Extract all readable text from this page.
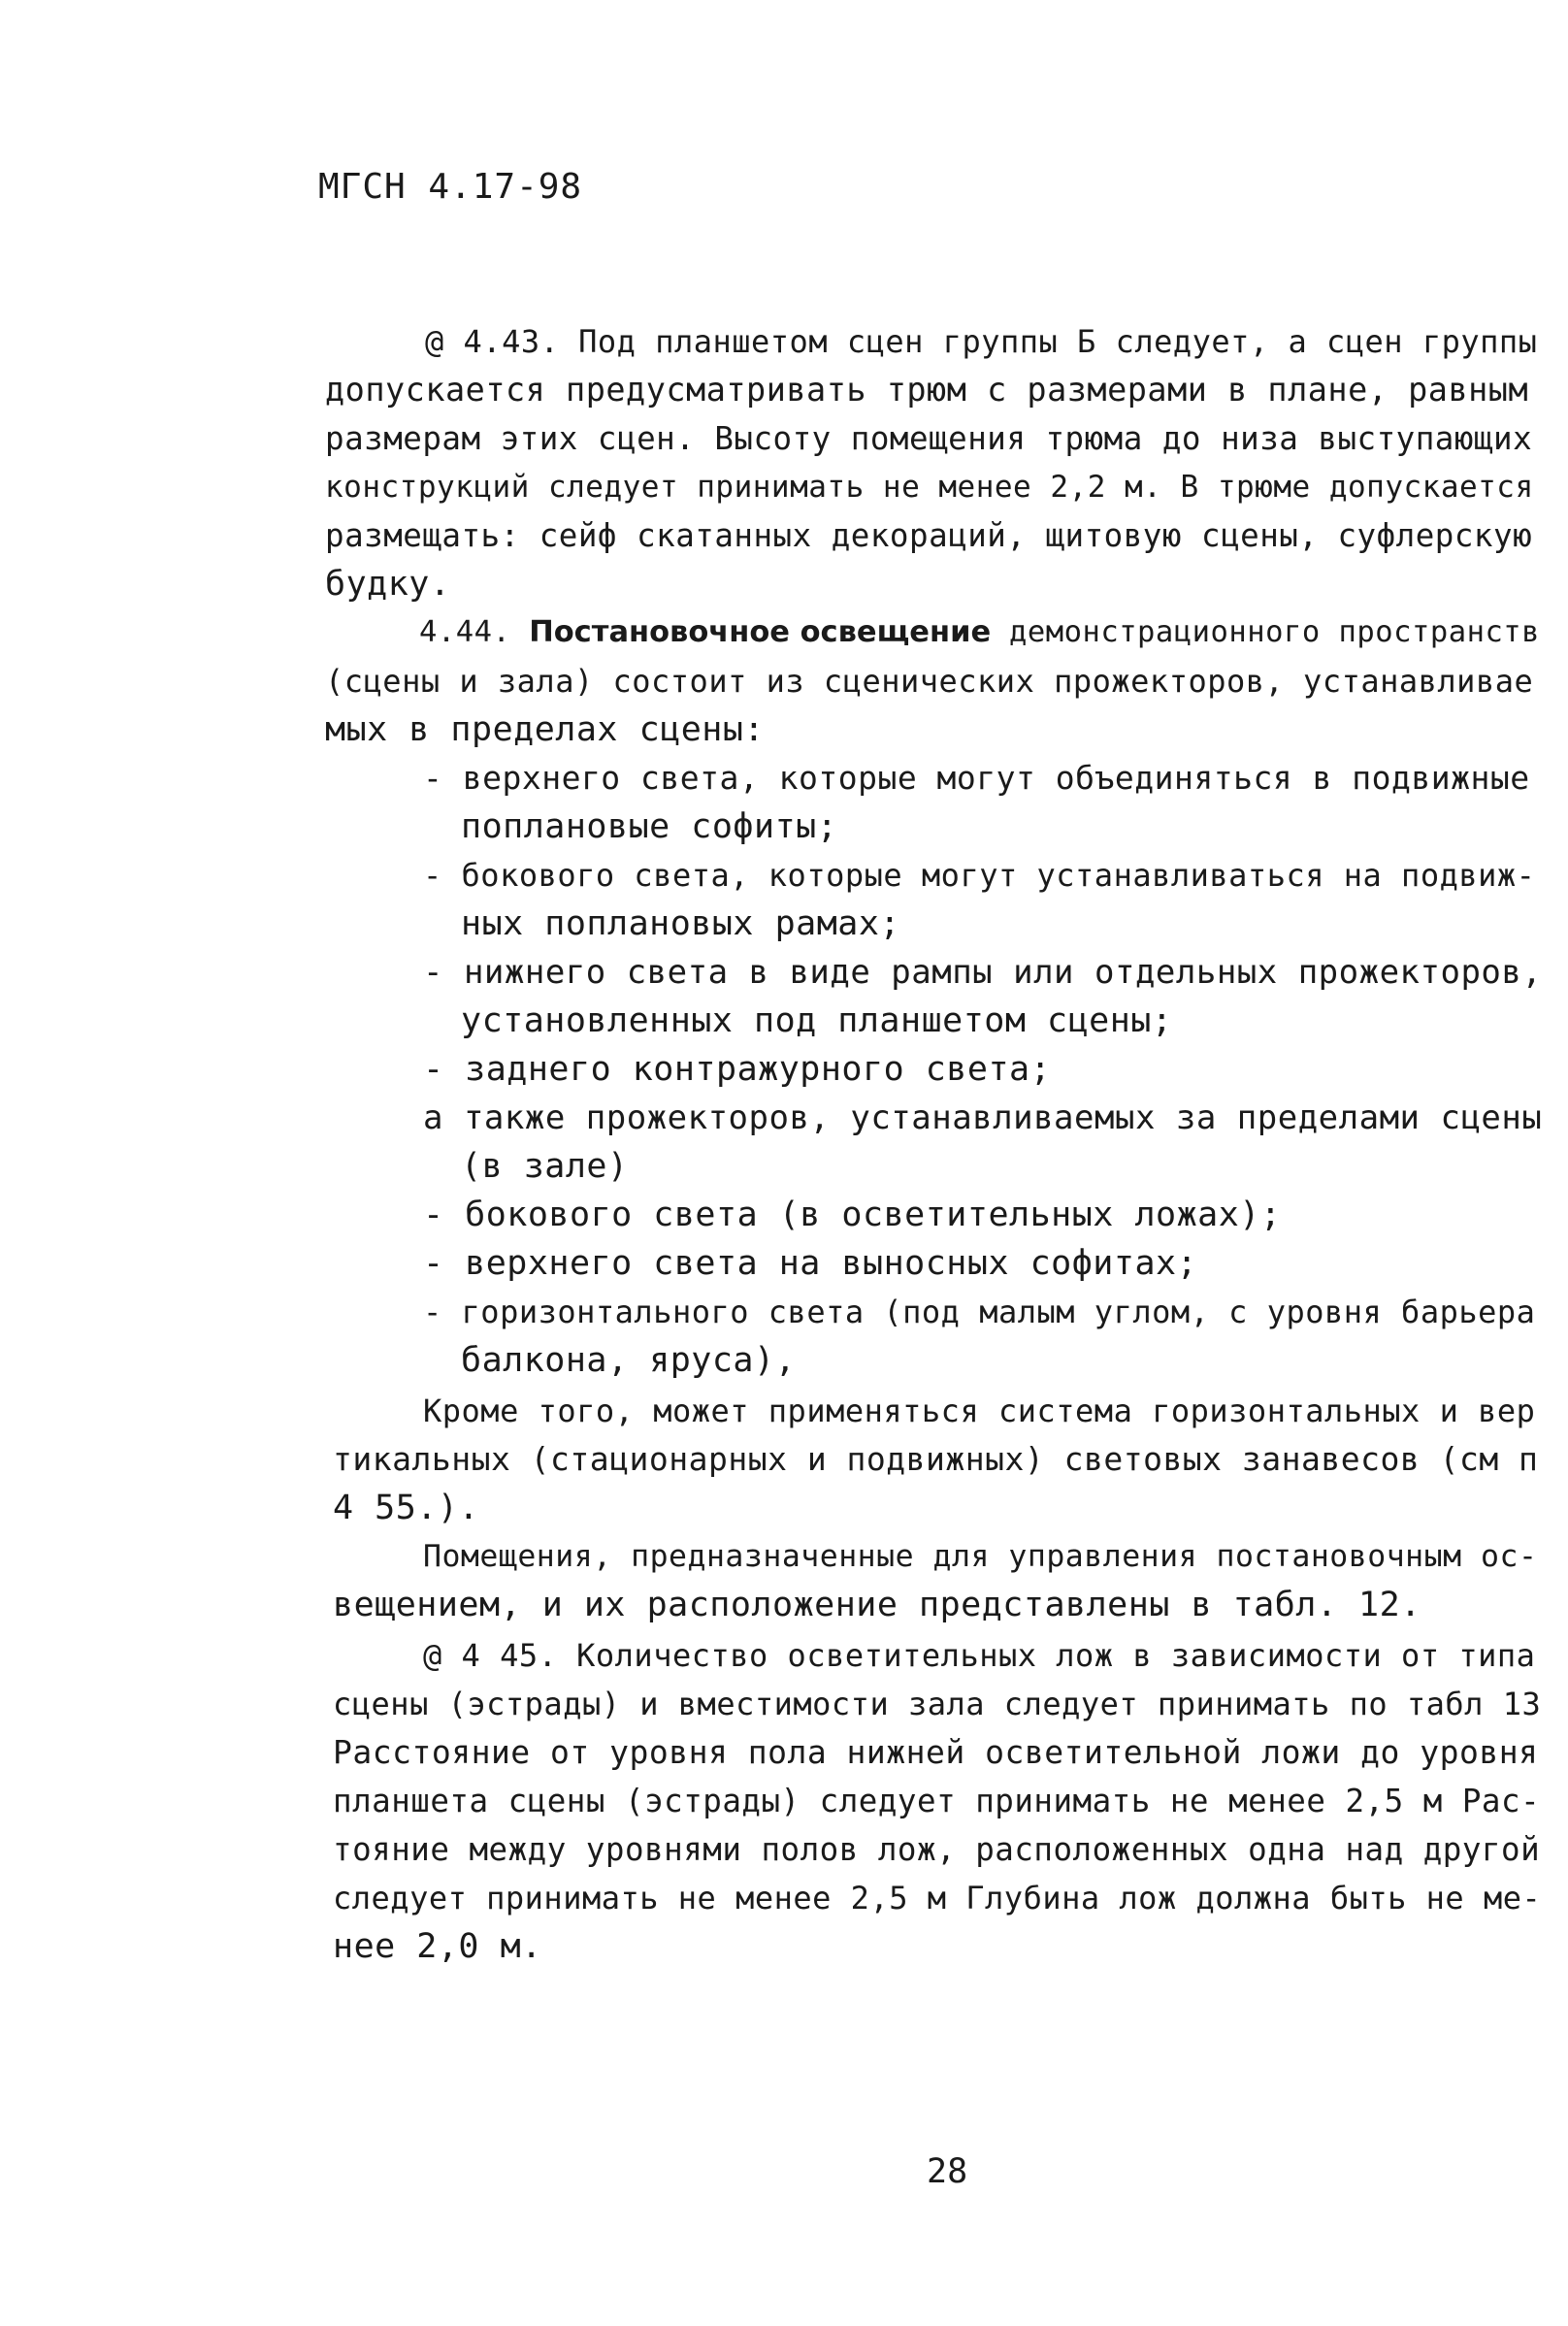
МГСН 4.17-98
@ 4.43. Под планшетом сцен группы Б следует, а сцен группы
допускается предусматривать трюм с размерами в плане, равным
размерам этих сцен. Высоту помещения трюма до низа выступающих
конструкций следует принимать не менее 2,2 м. В трюме допускается
размещать: сейф скатанных декораций, щитовую сцены, суфлерскую
будку.
4.44. Постановочное освещение демонстрационного пространств
(сцены и зала) состоит из сценических прожекторов, устанавливае
мых в пределах сцены:
- верхнего света, которые могут объединяться в подвижные
поплановые софиты;
- бокового света, которые могут устанавливаться на подвиж-
ных поплановых рамах;
- нижнего света в виде рампы или отдельных прожекторов,
установленных под планшетом сцены;
- заднего контражурного света;
а также прожекторов, устанавливаемых за пределами сцены
(в зале)
- бокового света (в осветительных ложах);
- верхнего света на выносных софитах;
- горизонтального света (под малым углом, с уровня барьера
балкона, яруса),
Кроме того, может применяться система горизонтальных и вер
тикальных (стационарных и подвижных) световых занавесов (см п
4 55.).
Помещения, предназначенные для управления постановочным ос-
вещением, и их расположение представлены в табл. 12.
@ 4 45. Количество осветительных лож в зависимости от типа
сцены (эстрады) и вместимости зала следует принимать по табл 13
Расстояние от уровня пола нижней осветительной ложи до уровня
планшета сцены (эстрады) следует принимать не менее 2,5 м Рас-
тояние между уровнями полов лож, расположенных одна над другой
следует принимать не менее 2,5 м Глубина лож должна быть не ме-
нее 2,0 м.
28
